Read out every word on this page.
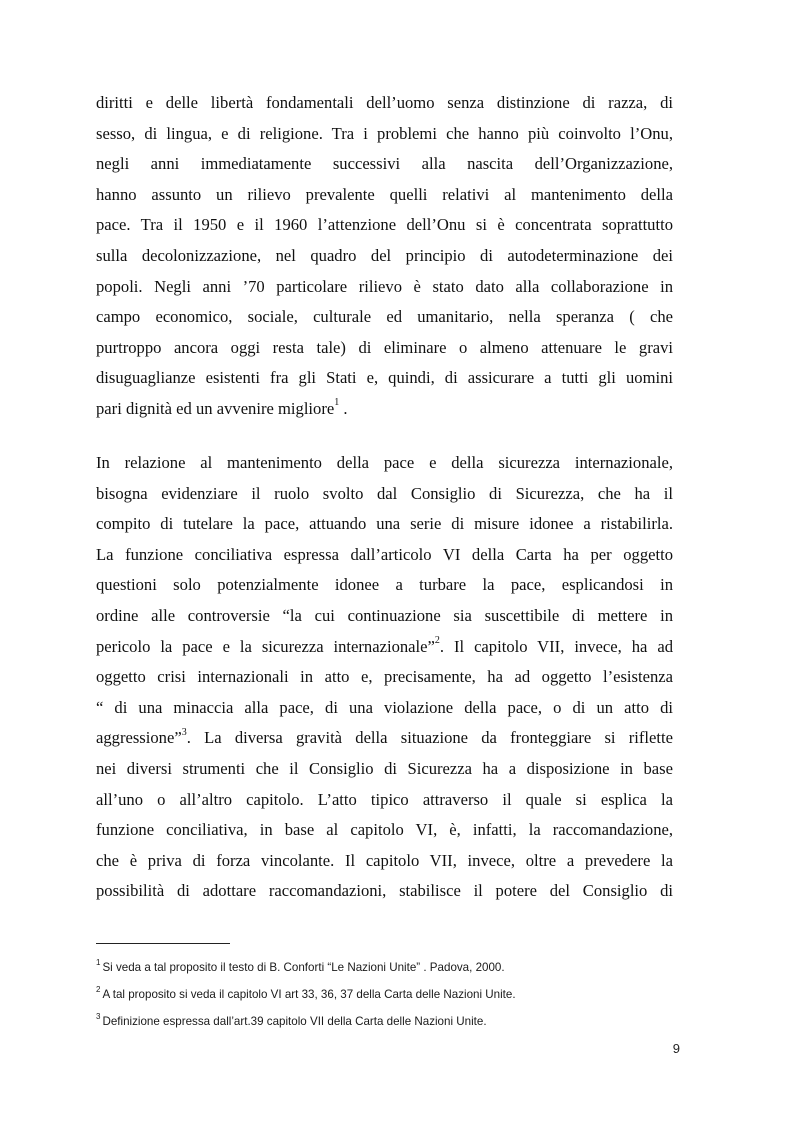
diritti e delle libertà fondamentali dell’uomo senza distinzione di razza, di
sesso, di lingua, e di religione. Tra i problemi che hanno più coinvolto l’Onu,
negli anni immediatamente successivi alla nascita dell’Organizzazione,
hanno assunto un rilievo prevalente quelli relativi al mantenimento della
pace. Tra il 1950 e il 1960 l’attenzione dell’Onu si è concentrata soprattutto
sulla decolonizzazione, nel quadro del principio di autodeterminazione dei
popoli. Negli anni ’70 particolare rilievo è stato dato alla collaborazione in
campo economico, sociale, culturale ed umanitario, nella speranza ( che
purtroppo ancora oggi resta tale) di eliminare o almeno attenuare le gravi
disuguaglianze esistenti fra gli Stati e, quindi, di assicurare a tutti gli uomini
pari dignità ed un avvenire migliore$^1$ .
In relazione al mantenimento della pace e della sicurezza internazionale,
bisogna evidenziare il ruolo svolto dal Consiglio di Sicurezza, che ha il
compito di tutelare la pace, attuando una serie di misure idonee a ristabilirla.
La funzione conciliativa espressa dall’articolo VI della Carta ha per oggetto
questioni solo potenzialmente idonee a turbare la pace, esplicandosi in
ordine alle controversie “la cui continuazione sia suscettibile di mettere in
pericolo la pace e la sicurezza internazionale”$^2$. Il capitolo VII, invece, ha ad
oggetto crisi internazionali in atto e, precisamente, ha ad oggetto l’esistenza
“ di una minaccia alla pace, di una violazione della pace, o di un atto di
aggressione”$^3$. La diversa gravità della situazione da fronteggiare si riflette
nei diversi strumenti che il Consiglio di Sicurezza ha a disposizione in base
all’uno o all’altro capitolo. L’atto tipico attraverso il quale si esplica la
funzione conciliativa, in base al capitolo VI, è, infatti, la raccomandazione,
che è priva di forza vincolante. Il capitolo VII, invece, oltre a prevedere la
possibilità di adottare raccomandazioni, stabilisce il potere del Consiglio di
$^1$ Si veda a tal proposito il testo di B. Conforti “Le Nazioni Unite” . Padova, 2000.
$^2$ A tal proposito si veda il capitolo VI art 33, 36, 37 della Carta delle Nazioni Unite.
$^3$ Definizione espressa dall’art.39 capitolo VII della Carta delle Nazioni Unite.
9
